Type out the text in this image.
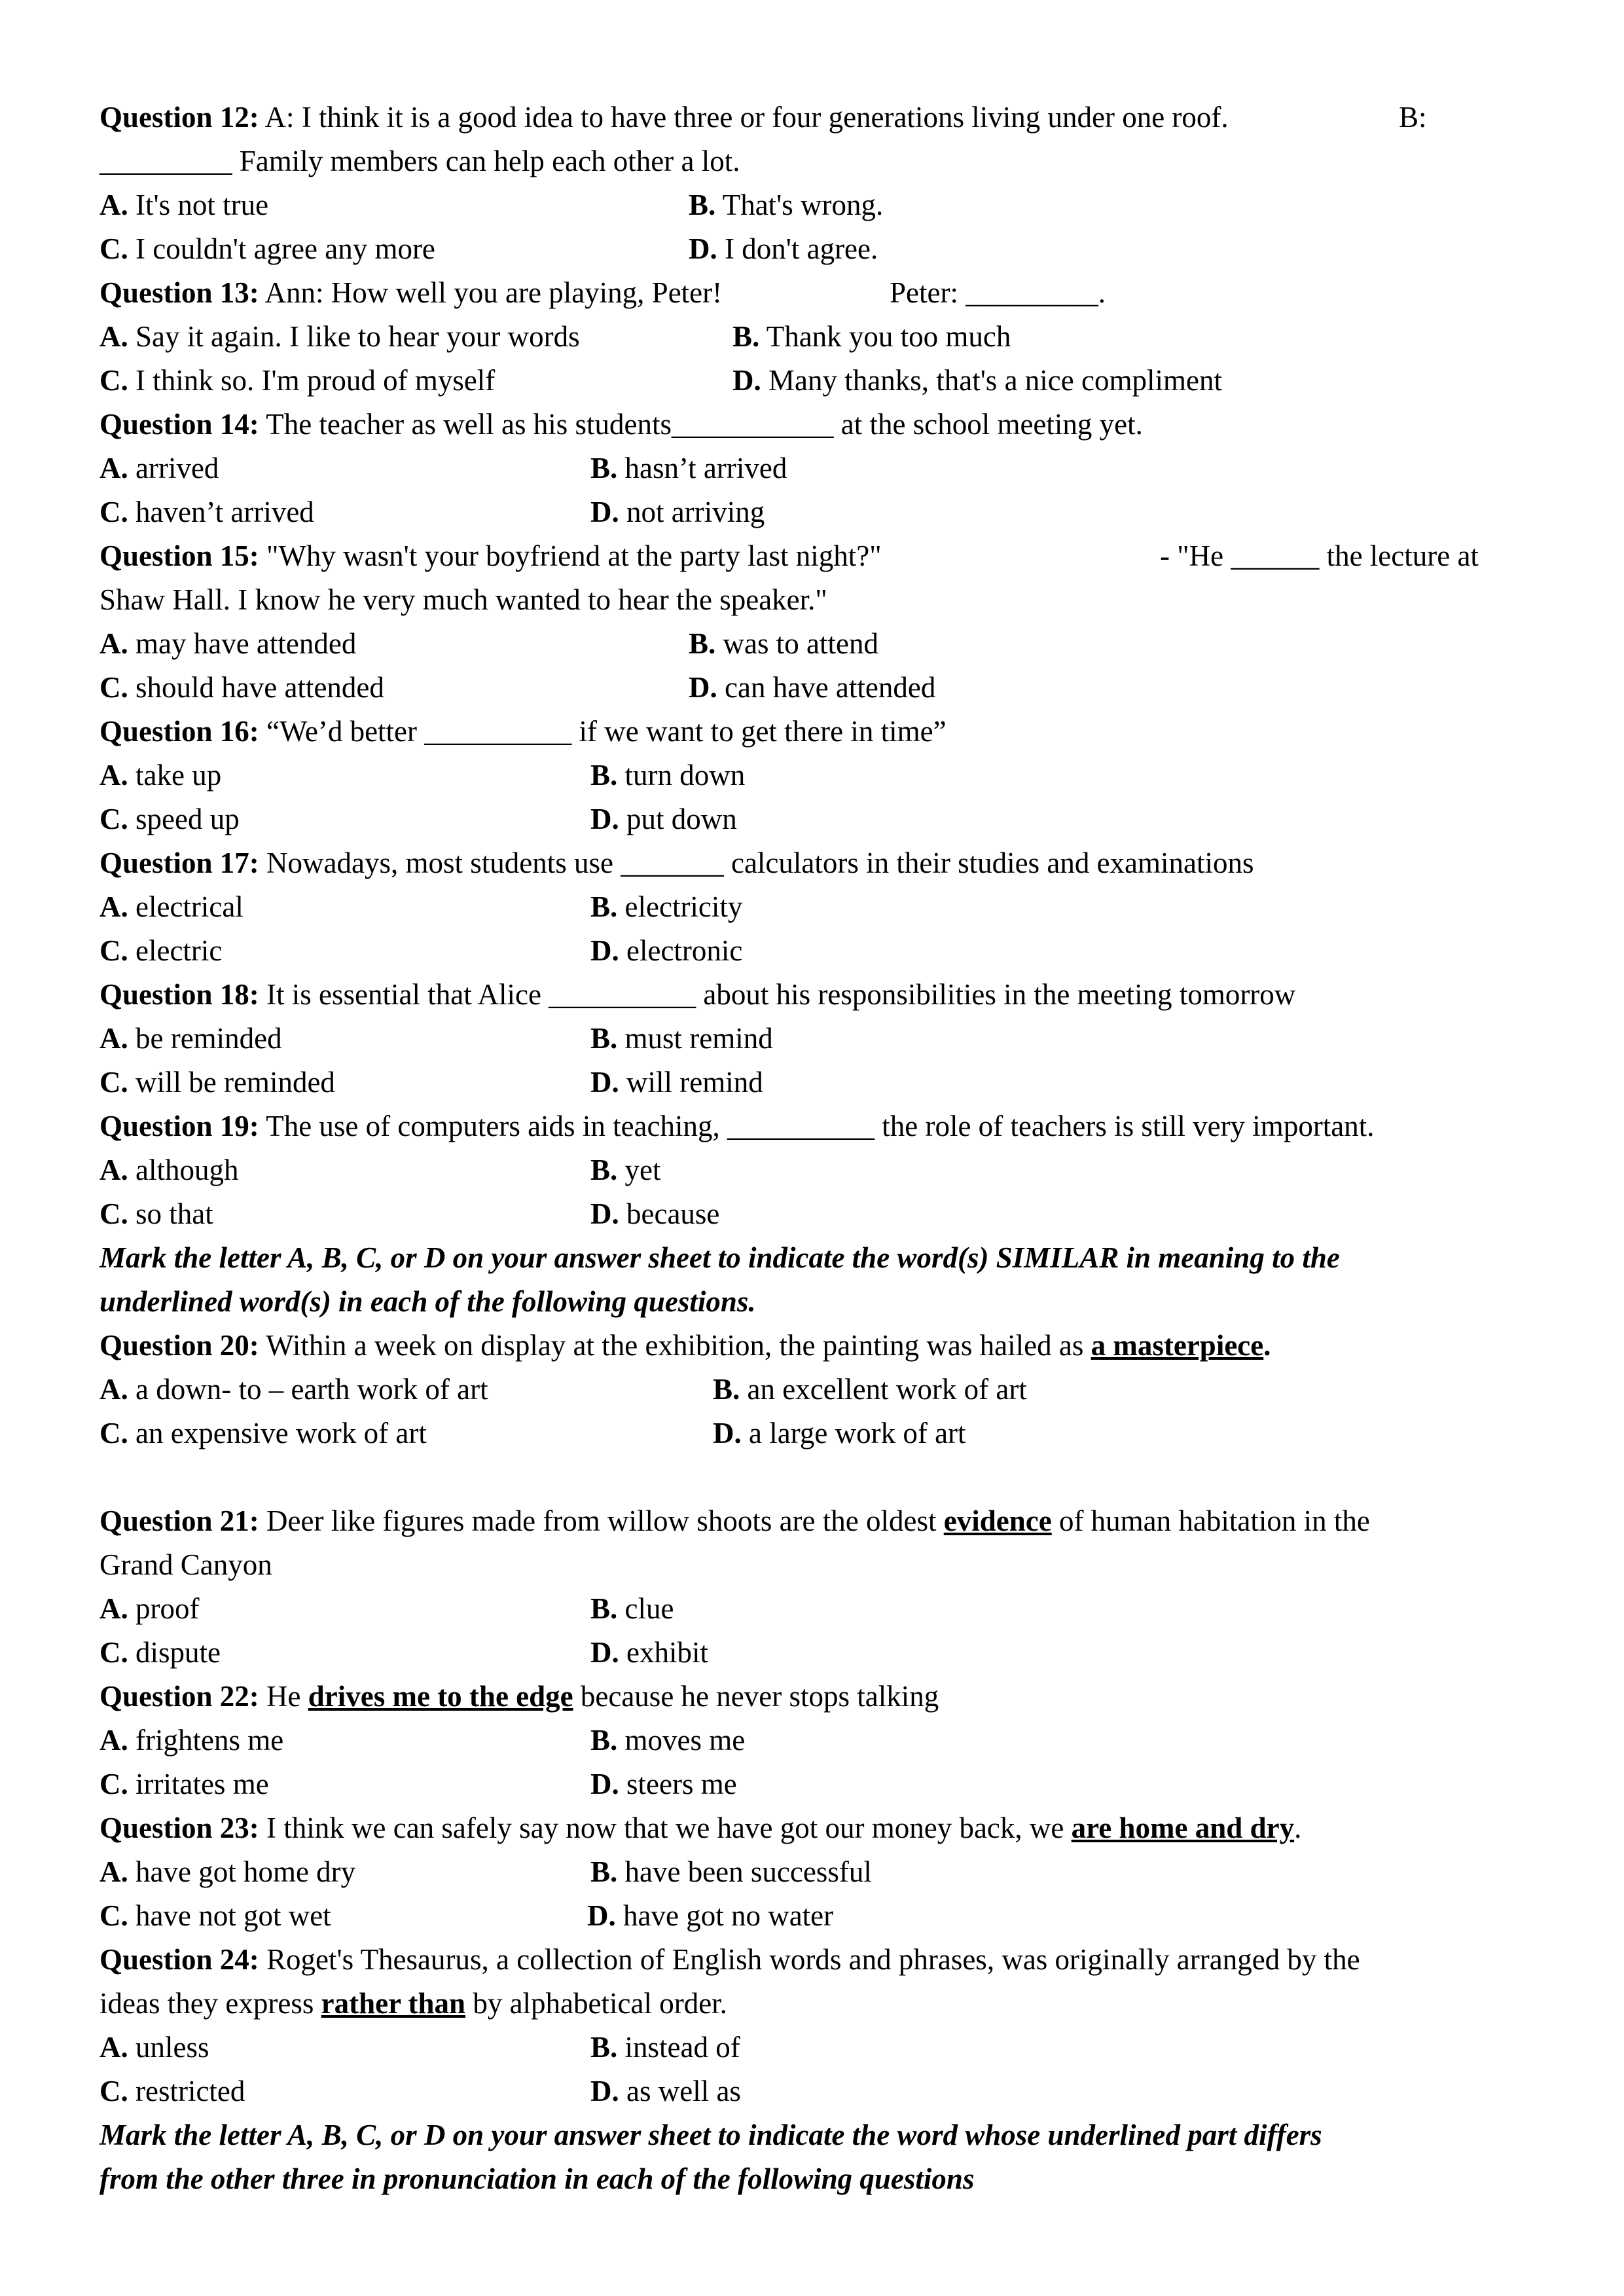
Question 12: A: I think it is a good idea to have three or four generations living under one roof.	B:
_________ Family members can help each other a lot.
A. It's not true	B. That's wrong.
C. I couldn't agree any more	D. I don't agree.
Question 13: Ann: How well you are playing, Peter!	Peter: _________.
A. Say it again. I like to hear your words	B. Thank you too much
C. I think so. I'm proud of myself	D. Many thanks, that's a nice compliment
Question 14: The teacher as well as his students___________ at the school meeting yet.
A. arrived	B. hasn’t arrived
C. haven’t arrived	D. not arriving
Question 15: "Why wasn't your boyfriend at the party last night?"	- "He ______ the lecture at
Shaw Hall. I know he very much wanted to hear the speaker."
A. may have attended	B. was to attend
C. should have attended	D. can have attended
Question 16: “We’d better __________ if we want to get there in time”
A. take up	B. turn down
C. speed up	D. put down
Question 17: Nowadays, most students use _______ calculators in their studies and examinations
A. electrical	B. electricity
C. electric	D. electronic
Question 18: It is essential that Alice __________ about his responsibilities in the meeting tomorrow
A. be reminded	B. must remind
C. will be reminded	D. will remind
Question 19: The use of computers aids in teaching, __________ the role of teachers is still very important.
A. although	B. yet
C. so that	D. because
Mark the letter A, B, C, or D on your answer sheet to indicate the word(s) SIMILAR in meaning to the
underlined word(s) in each of the following questions.
Question 20: Within a week on display at the exhibition, the painting was hailed as a masterpiece.
A. a down- to – earth work of art	B. an excellent work of art
C. an expensive work of art	D. a large work of art
Question 21: Deer like figures made from willow shoots are the oldest evidence of human habitation in the
Grand Canyon
A. proof	B. clue
C. dispute	D. exhibit
Question 22: He drives me to the edge because he never stops talking
A. frightens me	B. moves me
C. irritates me	D. steers me
Question 23: I think we can safely say now that we have got our money back, we are home and dry.
A. have got home dry	B. have been successful
C. have not got wet	D. have got no water
Question 24: Roget's Thesaurus, a collection of English words and phrases, was originally arranged by the
ideas they express rather than by alphabetical order.
A. unless	B. instead of
C. restricted	D. as well as
Mark the letter A, B, C, or D on your answer sheet to indicate the word whose underlined part differs
from the other three in pronunciation in each of the following questions
